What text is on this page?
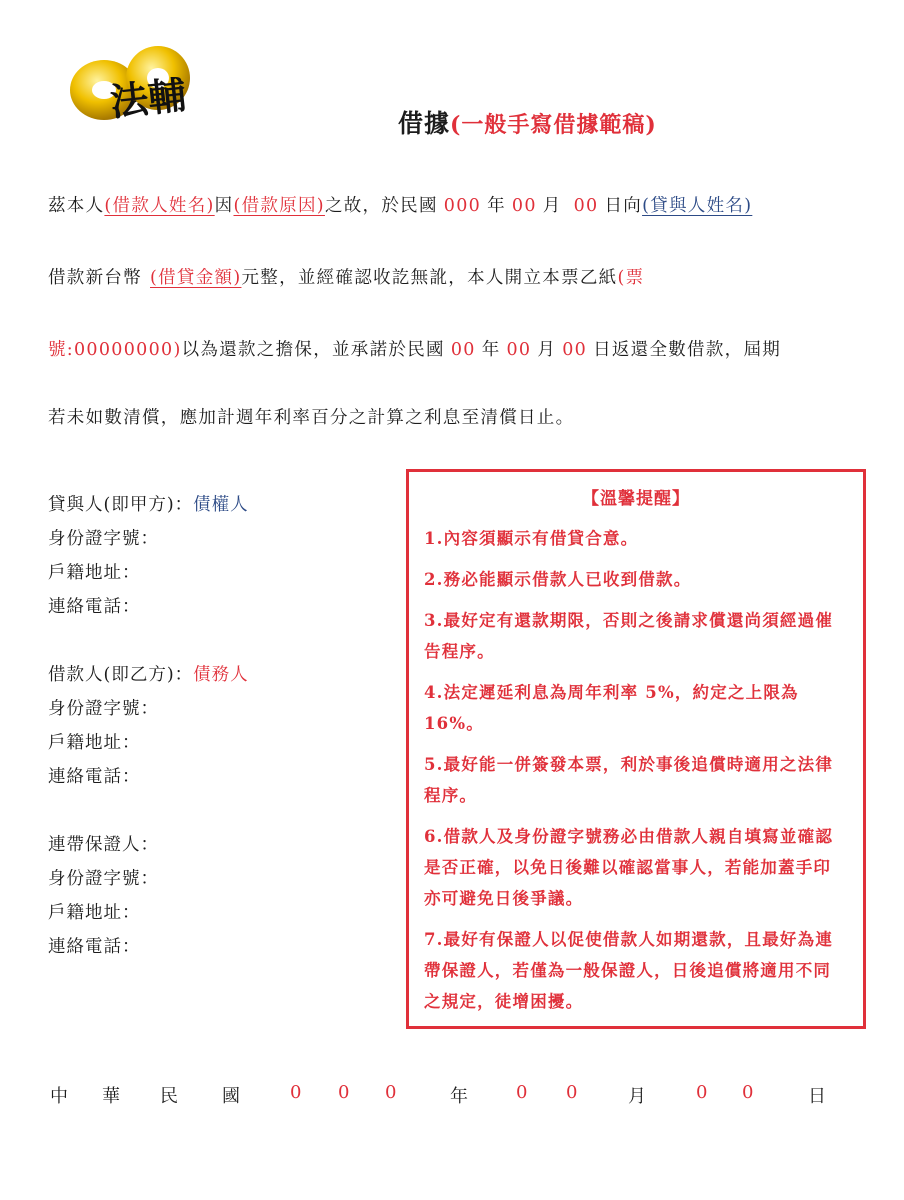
法輔	借據(一般手寫借據範稿)
茲本人(借款人姓名)因(借款原因)之故，於民國 000 年 00 月 00 日向(貸與人姓名)
借款新台幣 (借貸金額)元整，並經確認收訖無訛，本人開立本票乙紙(票
號:00000000)以為還款之擔保，並承諾於民國 00 年 00 月 00 日返還全數借款，屆期
若未如數清償，應加計週年利率百分之計算之利息至清償日止。
貸與人(即甲方)：債權人
身份證字號：
戶籍地址：
連絡電話：
借款人(即乙方)：債務人
身份證字號：
戶籍地址：
連絡電話：
連帶保證人：
身份證字號：
戶籍地址：
連絡電話：
【溫馨提醒】
1.內容須顯示有借貸合意。
2.務必能顯示借款人已收到借款。
3.最好定有還款期限，否則之後請求償還尚須經過催告程序。
4.法定遲延利息為周年利率 5%，約定之上限為 16%。
5.最好能一併簽發本票，利於事後追償時適用之法律程序。
6.借款人及身份證字號務必由借款人親自填寫並確認是否正確，以免日後難以確認當事人，若能加蓋手印亦可避免日後爭議。
7.最好有保證人以促使借款人如期還款，且最好為連帶保證人，若僅為一般保證人，日後追償將適用不同之規定，徒增困擾。
中 華 民 國	0 0 0	年	0 0	月	0 0	日
